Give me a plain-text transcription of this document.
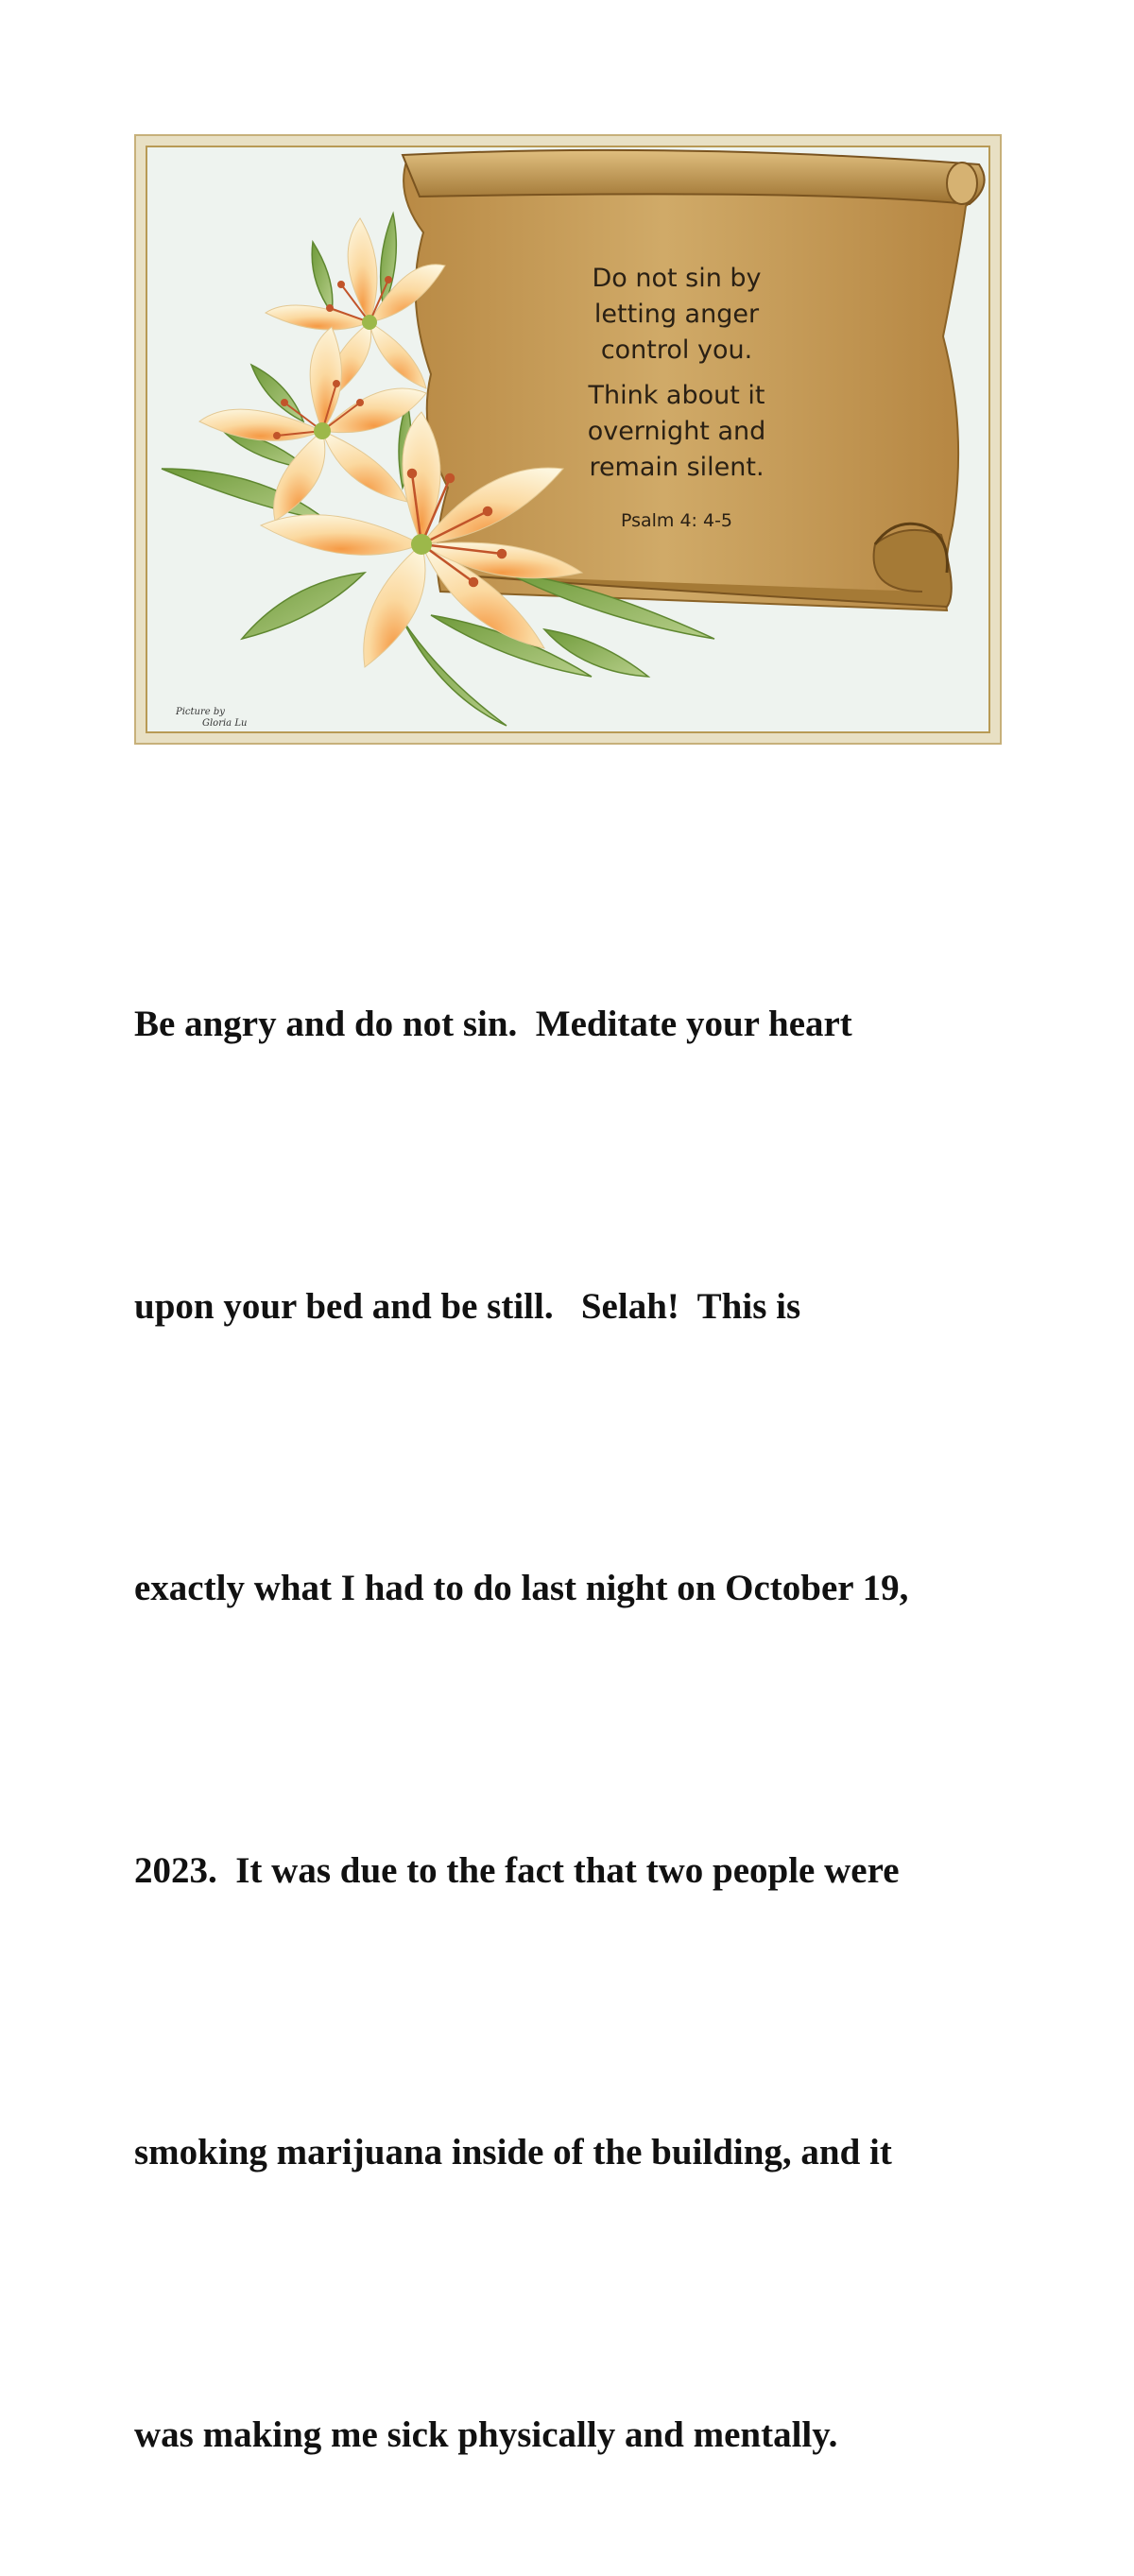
Do not sin by
letting anger
control you.

Think about it
overnight and
remain silent.

Psalm 4: 4-5
Picture by
Gloria Lu

Be angry and do not sin.  Meditate your heart

upon your bed and be still.   Selah!  This is

exactly what I had to do last night on October 19,

2023.  It was due to the fact that two people were

smoking marijuana inside of the building, and it

was making me sick physically and mentally.
